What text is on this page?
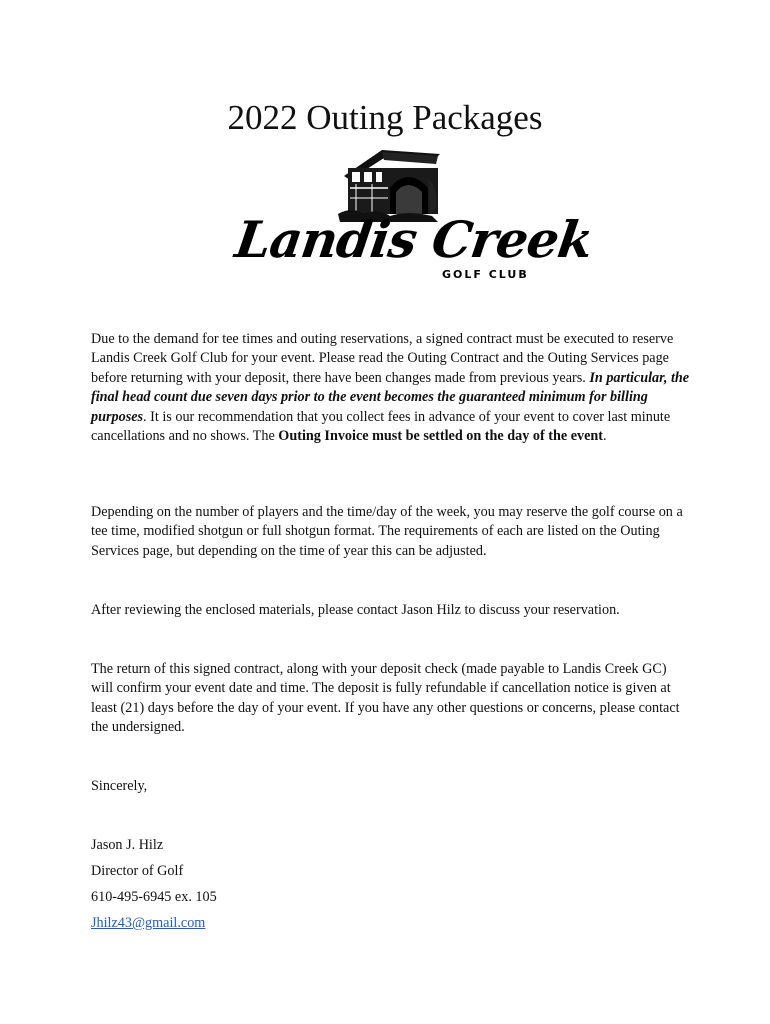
2022 Outing Packages
Landis Creek
GOLF CLUB

Due to the demand for tee times and outing reservations, a signed contract must be executed to reserve Landis Creek Golf Club for your event. Please read the Outing Contract and the Outing Services page before returning with your deposit, there have been changes made from previous years. In particular, the final head count due seven days prior to the event becomes the guaranteed minimum for billing purposes. It is our recommendation that you collect fees in advance of your event to cover last minute cancellations and no shows. The Outing Invoice must be settled on the day of the event.

Depending on the number of players and the time/day of the week, you may reserve the golf course on a tee time, modified shotgun or full shotgun format. The requirements of each are listed on the Outing Services page, but depending on the time of year this can be adjusted.

After reviewing the enclosed materials, please contact Jason Hilz to discuss your reservation.

The return of this signed contract, along with your deposit check (made payable to Landis Creek GC) will confirm your event date and time. The deposit is fully refundable if cancellation notice is given at least (21) days before the day of your event. If you have any other questions or concerns, please contact the undersigned.

Sincerely,

Jason J. Hilz

Director of Golf

610-495-6945 ex. 105

Jhilz43@gmail.com
